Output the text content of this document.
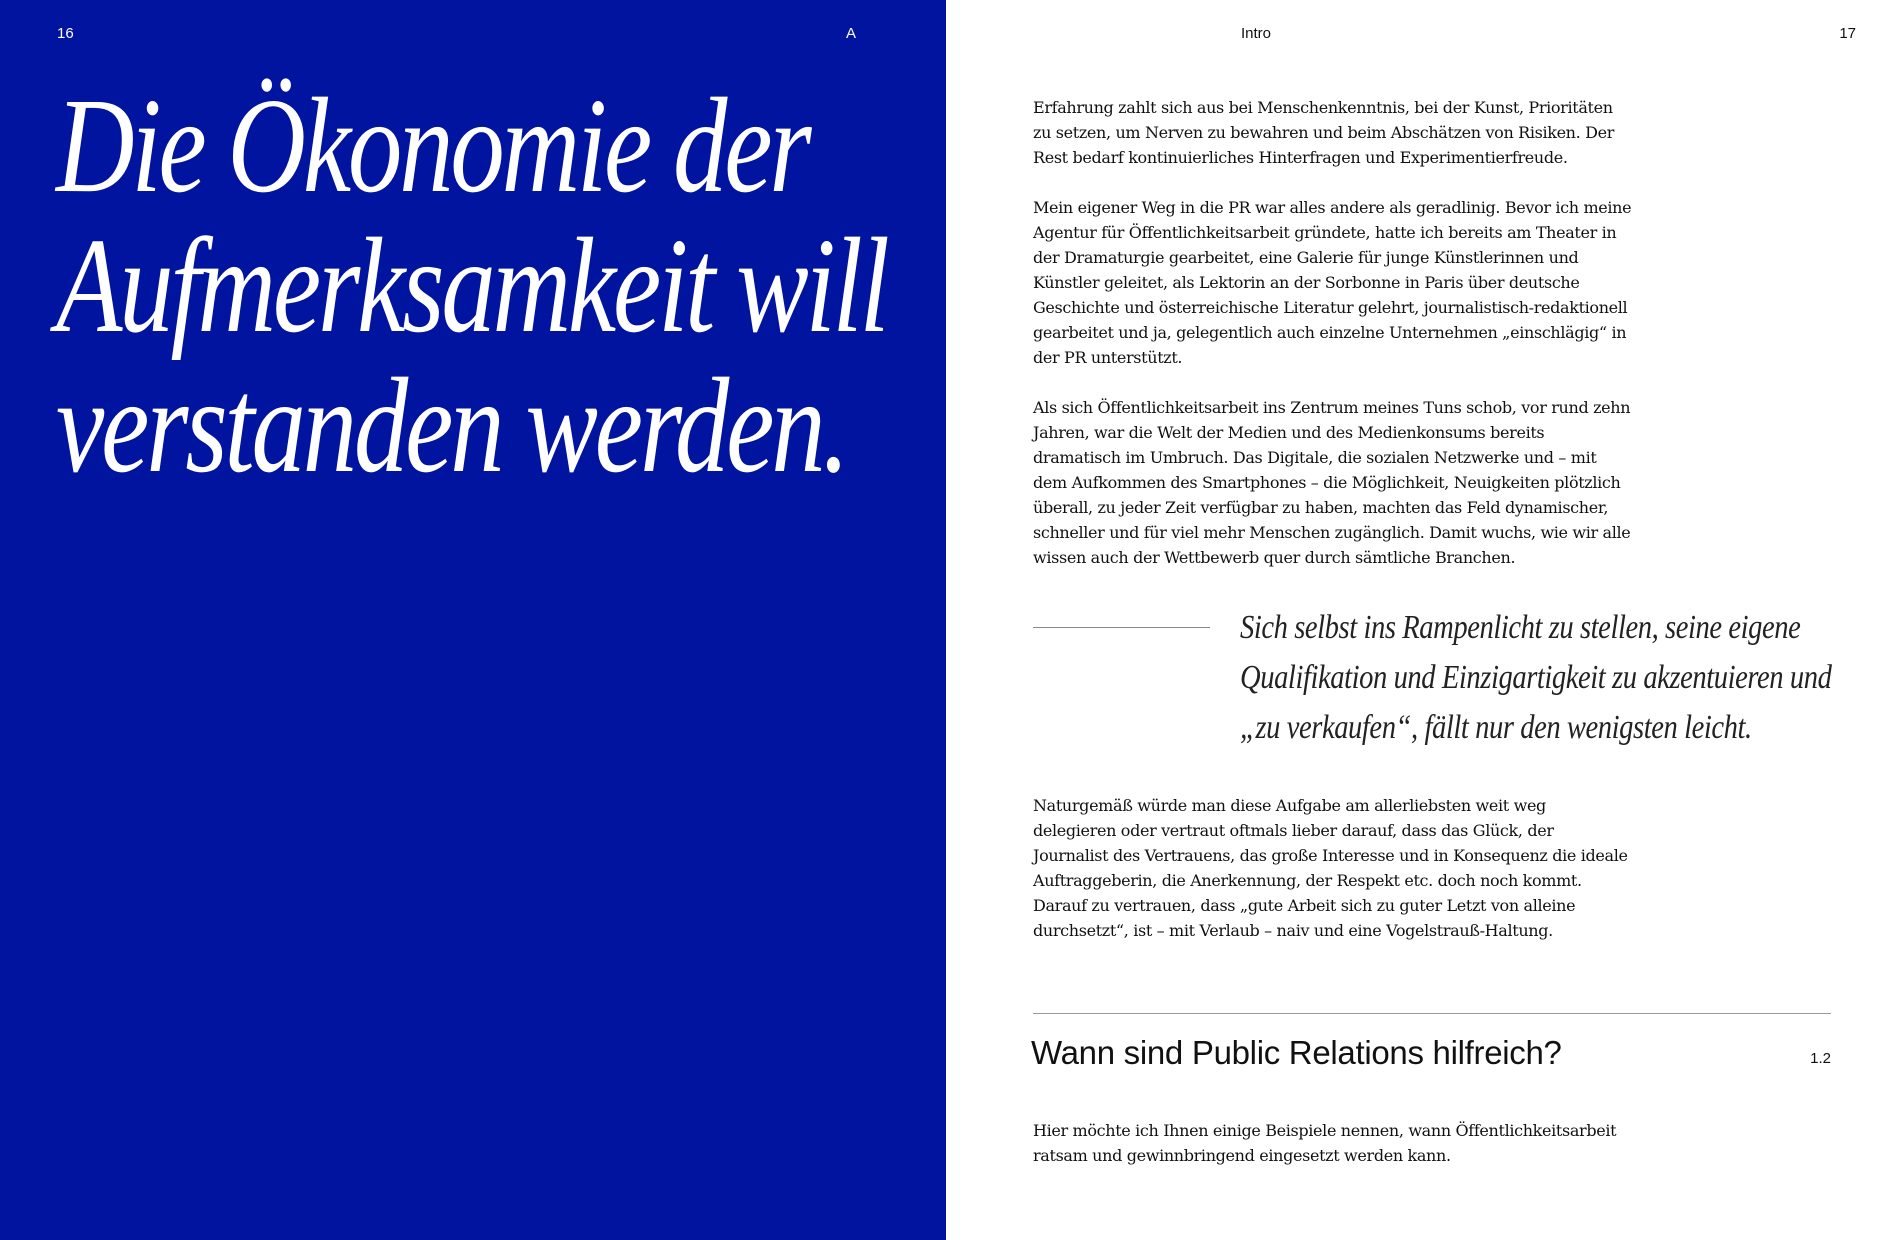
16	A
Die Ökonomie der
Aufmerksamkeit will
verstanden werden.
Intro	17

Erfahrung zahlt sich aus bei Menschenkenntnis, bei der Kunst, Prioritäten zu setzen, um Nerven zu bewahren und beim Abschätzen von Risiken. Der Rest bedarf kontinuierliches Hinterfragen und Experimentierfreude.

Mein eigener Weg in die PR war alles andere als geradlinig. Bevor ich meine Agentur für Öffentlichkeitsarbeit gründete, hatte ich bereits am Theater in der Dramaturgie gearbeitet, eine Galerie für junge Künstlerinnen und Künstler geleitet, als Lektorin an der Sorbonne in Paris über deutsche Geschichte und österreichische Literatur gelehrt, journalistisch-redaktionell gearbeitet und ja, gelegentlich auch einzelne Unternehmen „einschlägig“ in der PR unterstützt.

Als sich Öffentlichkeitsarbeit ins Zentrum meines Tuns schob, vor rund zehn Jahren, war die Welt der Medien und des Medienkonsums bereits dramatisch im Umbruch. Das Digitale, die sozialen Netzwerke und – mit dem Aufkommen des Smartphones – die Möglichkeit, Neuigkeiten plötzlich überall, zu jeder Zeit verfügbar zu haben, machten das Feld dynamischer, schneller und für viel mehr Menschen zugänglich. Damit wuchs, wie wir alle wissen auch der Wettbewerb quer durch sämtliche Branchen.

Sich selbst ins Rampenlicht zu stellen, seine eigene
Qualifikation und Einzigartigkeit zu akzentuieren und
„zu verkaufen“, fällt nur den wenigsten leicht.

Naturgemäß würde man diese Aufgabe am allerliebsten weit weg delegieren oder vertraut oftmals lieber darauf, dass das Glück, der Journalist des Vertrauens, das große Interesse und in Konsequenz die ideale Auftraggeberin, die Anerkennung, der Respekt etc. doch noch kommt. Darauf zu vertrauen, dass „gute Arbeit sich zu guter Letzt von alleine durchsetzt“, ist – mit Verlaub – naiv und eine Vogelstrauß-Haltung.

Wann sind Public Relations hilfreich?	1.2

Hier möchte ich Ihnen einige Beispiele nennen, wann Öffentlichkeitsarbeit ratsam und gewinnbringend eingesetzt werden kann.
